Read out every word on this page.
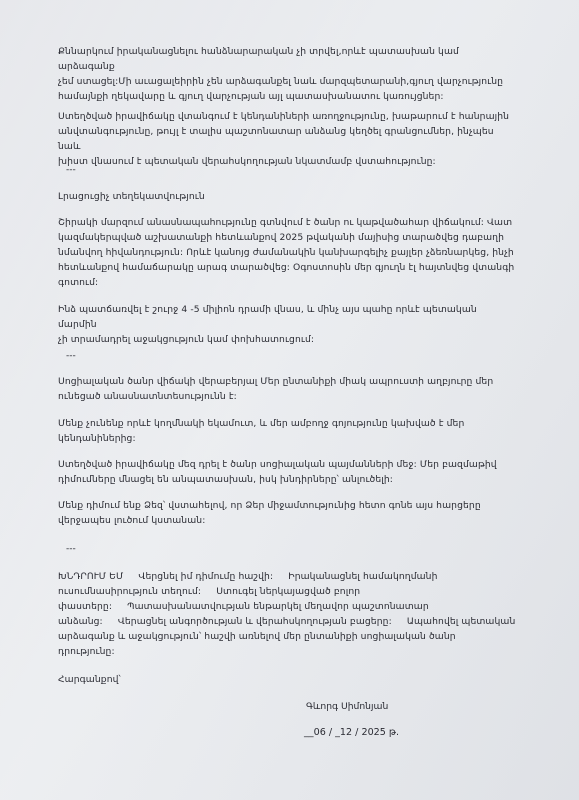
Քննարկում իրականացնելու հանձնարարական չի տրվել,որևէ պատասխան կամ արձագանք
չեմ ստացել:Մի աւացալեիրին չեն արձագանքել նաև մարզպետարանի,գյուղ վարչությունը
համայնքի ղեկավարը և գյուղ վարչության այլ պատասխանատու կառույցներ:

Ստեղծված իրավիճակը վտանգում է կենդանիների առողջությունը, խաթարում է հանրային
անվտանգությունը, թույլ է տալիս պաշտոնատար անձանց կեղծել գրանցումներ, ինչպես նաև
խիստ վնասում է պետական վերահսկողության նկատմամբ վստահությունը:

---

Լրացուցիչ տեղեկատվություն

Շիրակի մարզում անասնապահությունը գտնվում է ծանր ու կաթվածահար վիճակում: Վատ
կազմակերպված աշխատանքի հետևանքով 2025 թվականի մայիսից տարածվեց դաբաղի
նմանվող հիվանդություն: Որևէ կանոյց ժամանակին կանխարգելիչ քայլեր չձեռնարկեց, ինչի
հետևանքով համաճարակը արագ տարածվեց: Օգոստոսին մեր գյուղն էլ հայտնվեց վտանգի
գոտում:

Ինձ պատճառվել է շուրջ 4 -5 միլիոն դրամի վնաս, և մինչ այս պահը որևէ պետական մարմին
չի տրամադրել աջակցություն կամ փոխհատուցում:

---

Սոցիալական ծանր վիճակի վերաբերյալ Մեր ընտանիքի միակ ապրուստի աղբյուրը մեր
ունեցած անասնատնտեսությունն է:

Մենք չունենք որևէ կողմնակի եկամուտ, և մեր ամբողջ գոյությունը կախված է մեր
կենդանիներից:

Ստեղծված իրավիճակը մեզ դրել է ծանր սոցիալական պայմանների մեջ: Մեր բազմաթիվ
դիմումները մնացել են անպատասխան, իսկ խնդիրները՝ անլուծելի:

Մենք դիմում ենք Ձեզ՝ վստահելով, որ Ձեր միջամտությունից հետո գոնե այս հարցերը
վերջապես լուծում կստանան:

---

ԽՆԴՐՈՒՄ ԵՄ     Վերցնել իմ դիմումը հաշվի:     Իրականացնել համակողմանի
ուսումնասիրություն տեղում:     Ստուգել ներկայացված բոլոր
փաստերը:     Պատասխանատվության ենթարկել մեղավոր պաշտոնատար
անձանց:     Վերացնել անգործության և վերահսկողության բացերը:     Ապահովել պետական
արձագանք և աջակցություն՝ հաշվի առնելով մեր ընտանիքի սոցիալական ծանր
դրությունը:

Հարգանքով՝

Գևորգ Սիմոնյան
__06 / _12 / 2025 թ.
